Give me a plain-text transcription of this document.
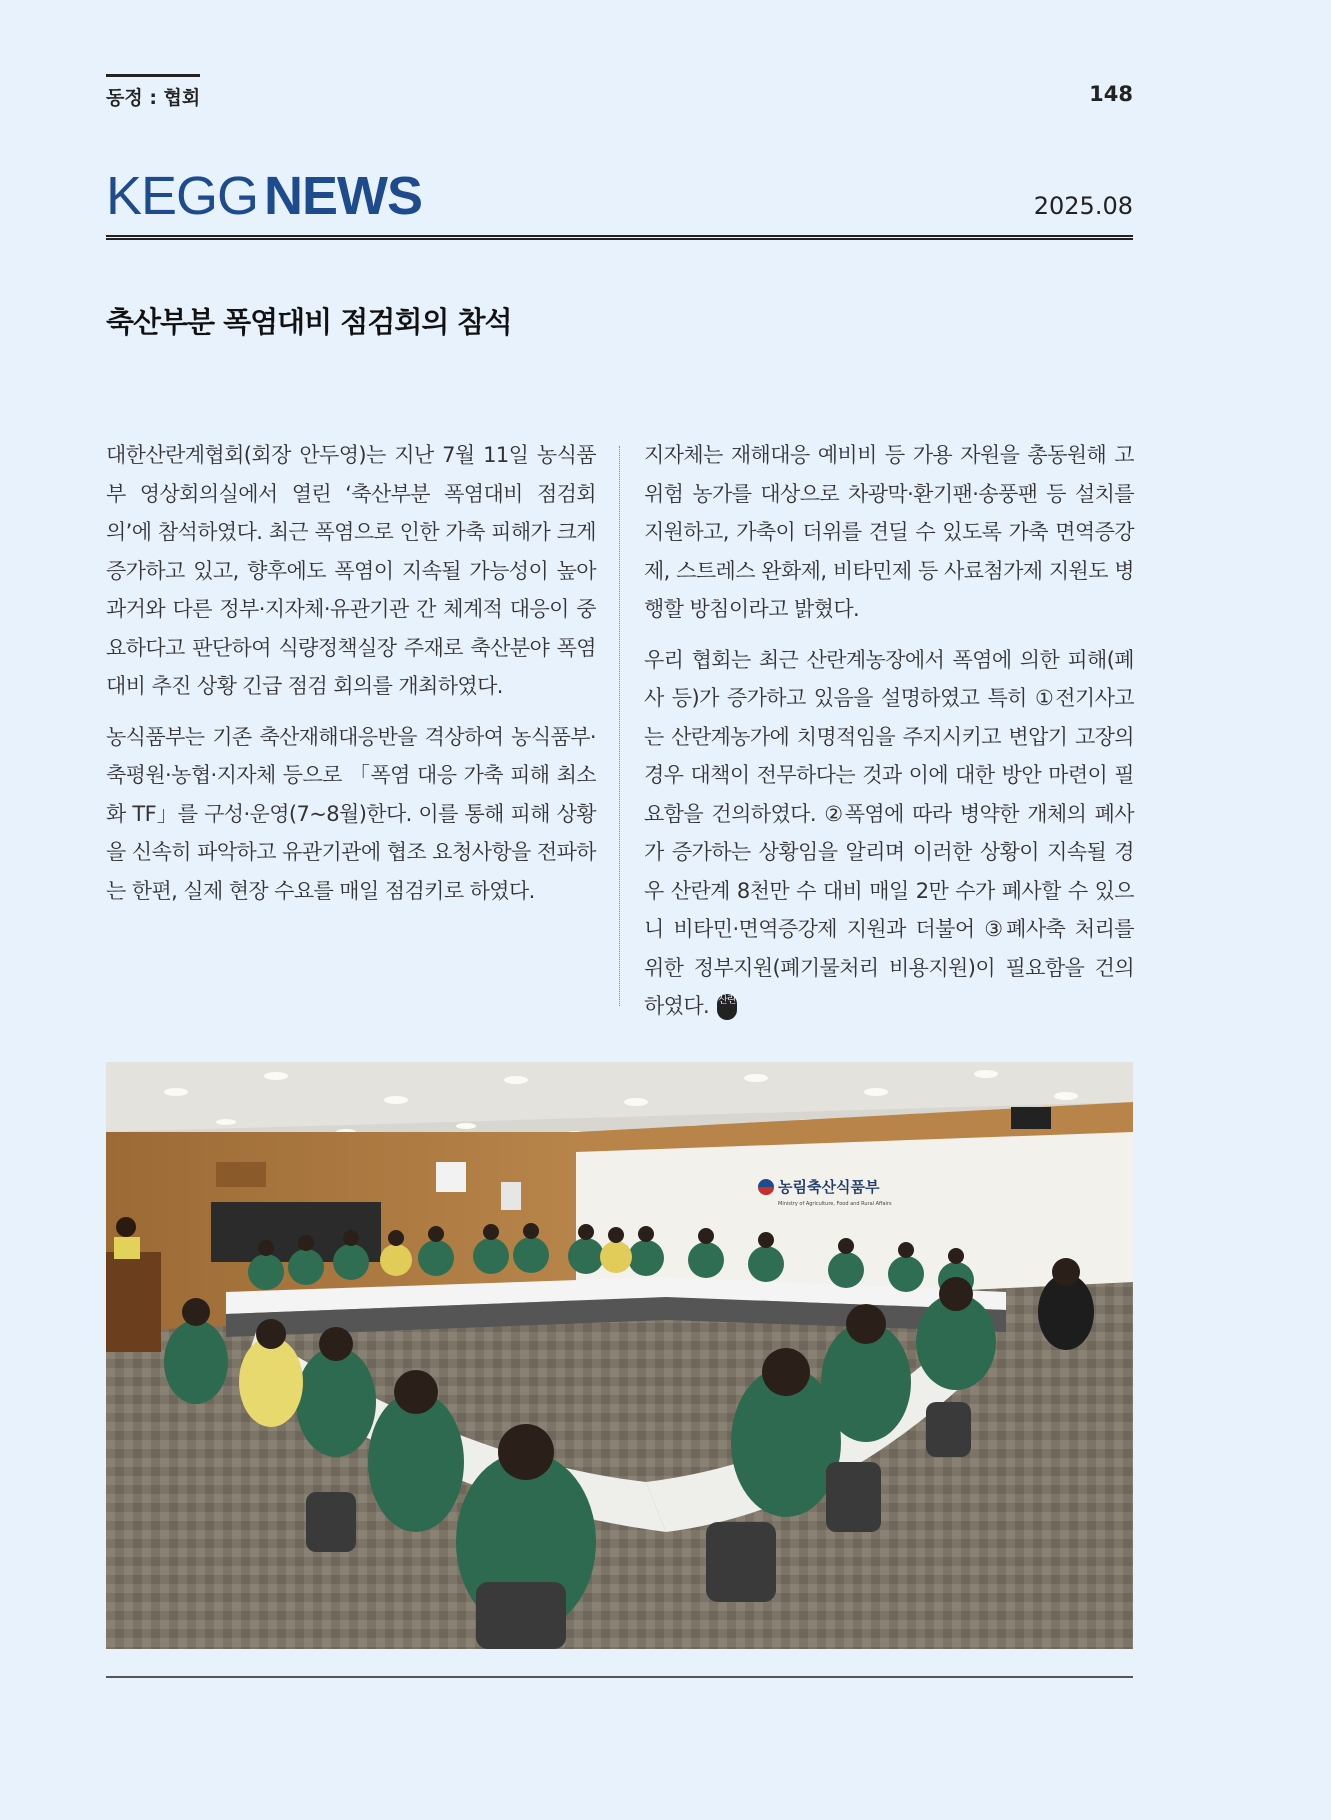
동정 : 협회	148
KEGG NEWS	2025.08
축산부분 폭염대비 점검회의 참석

대한산란계협회(회장 안두영)는 지난 7월 11일 농식품부 영상회의실에서 열린 ‘축산부분 폭염대비 점검회의’에 참석하였다. 최근 폭염으로 인한 가축 피해가 크게 증가하고 있고, 향후에도 폭염이 지속될 가능성이 높아 과거와 다른 정부·지자체·유관기관 간 체계적 대응이 중요하다고 판단하여 식량정책실장 주재로 축산분야 폭염 대비 추진 상황 긴급 점검 회의를 개최하였다.

농식품부는 기존 축산재해대응반을 격상하여 농식품부·축평원·농협·지자체 등으로 「폭염 대응 가축 피해 최소화 TF」를 구성·운영(7~8월)한다. 이를 통해 피해 상황을 신속히 파악하고 유관기관에 협조 요청사항을 전파하는 한편, 실제 현장 수요를 매일 점검키로 하였다.

지자체는 재해대응 예비비 등 가용 자원을 총동원해 고위험 농가를 대상으로 차광막·환기팬·송풍팬 등 설치를 지원하고, 가축이 더위를 견딜 수 있도록 가축 면역증강제, 스트레스 완화제, 비타민제 등 사료첨가제 지원도 병행할 방침이라고 밝혔다.

우리 협회는 최근 산란계농장에서 폭염에 의한 피해(폐사 등)가 증가하고 있음을 설명하였고 특히 ①전기사고는 산란계농가에 치명적임을 주지시키고 변압기 고장의 경우 대책이 전무하다는 것과 이에 대한 방안 마련이 필요함을 건의하였다. ②폭염에 따라 병약한 개체의 폐사가 증가하는 상황임을 알리며 이러한 상황이 지속될 경우 산란계 8천만 수 대비 매일 2만 수가 폐사할 수 있으니 비타민·면역증강제 지원과 더불어 ③폐사축 처리를 위한 정부지원(폐기물처리 비용지원)이 필요함을 건의하였다. 산란

농림축산식품부
Ministry of Agriculture, Food and Rural Affairs
